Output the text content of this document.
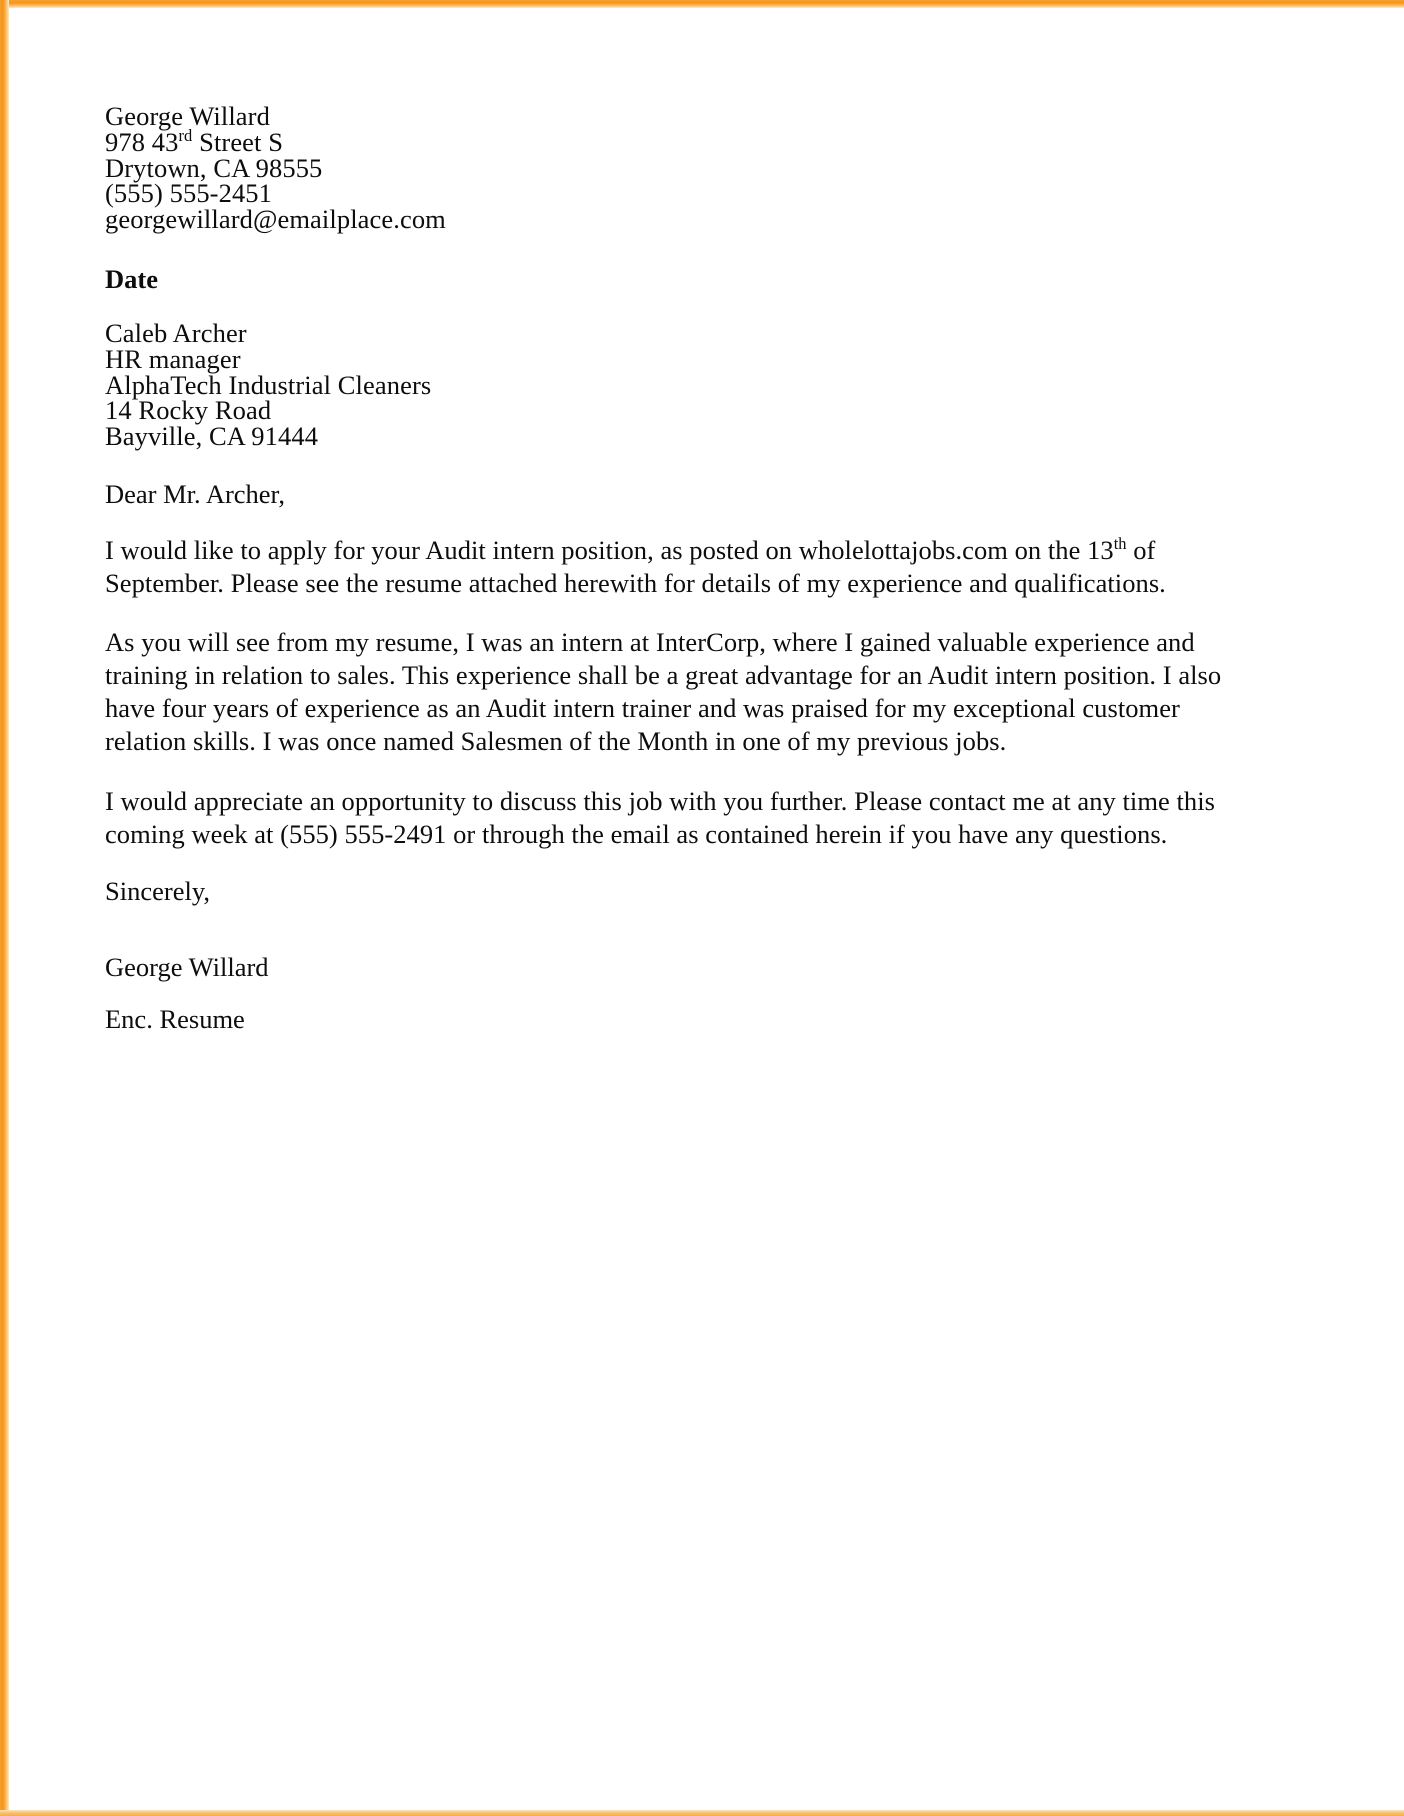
George Willard
978 43rd Street S
Drytown, CA 98555
(555) 555-2451
georgewillard@emailplace.com
Date
Caleb Archer
HR manager
AlphaTech Industrial Cleaners
14 Rocky Road
Bayville, CA 91444
Dear Mr. Archer,

I would like to apply for your Audit intern position, as posted on wholelottajobs.com on the 13th of September. Please see the resume attached herewith for details of my experience and qualifications.

As you will see from my resume, I was an intern at InterCorp, where I gained valuable experience and training in relation to sales. This experience shall be a great advantage for an Audit intern position. I also have four years of experience as an Audit intern trainer and was praised for my exceptional customer relation skills. I was once named Salesmen of the Month in one of my previous jobs.

I would appreciate an opportunity to discuss this job with you further. Please contact me at any time this coming week at (555) 555-2491 or through the email as contained herein if you have any questions.

Sincerely,
George Willard
Enc. Resume
